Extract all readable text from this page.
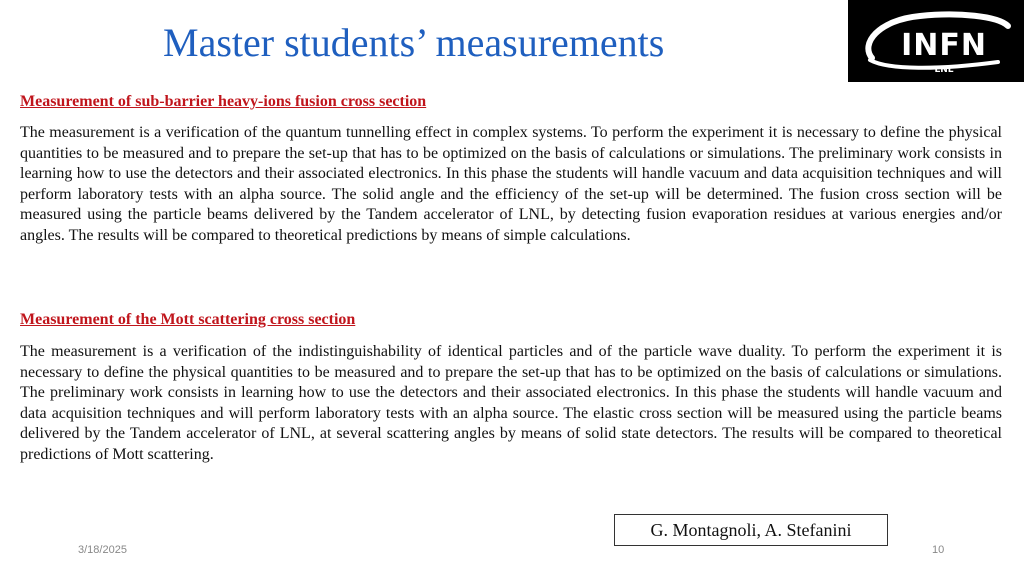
Master students’ measurements	INFN
LNL
Measurement of sub-barrier heavy-ions fusion cross section

The measurement is a verification of the quantum tunnelling effect in complex systems. To perform the experiment it is necessary to define the physical quantities to be measured and to prepare the set-up that has to be optimized on the basis of calculations or simulations. The preliminary work consists in learning how to use the detectors and their associated electronics. In this phase the students will handle vacuum and data acquisition techniques and will perform laboratory tests with an alpha source. The solid angle and the efficiency of the set-up will be determined. The fusion cross section will be measured using the particle beams delivered by the Tandem accelerator of LNL, by detecting fusion evaporation residues at various energies and/or angles. The results will be compared to theoretical predictions by means of simple calculations.

Measurement of the Mott scattering cross section

The measurement is a verification of the indistinguishability of identical particles and of the particle wave duality. To perform the experiment it is necessary to define the physical quantities to be measured and to prepare the set-up that has to be optimized on the basis of calculations or simulations. The preliminary work consists in learning how to use the detectors and their associated electronics. In this phase the students will handle vacuum and data acquisition techniques and will perform laboratory tests with an alpha source. The elastic cross section will be measured using the particle beams delivered by the Tandem accelerator of LNL, at several scattering angles by means of solid state detectors. The results will be compared to theoretical predictions of Mott scattering.

G. Montagnoli, A. Stefanini
3/18/2025	10
